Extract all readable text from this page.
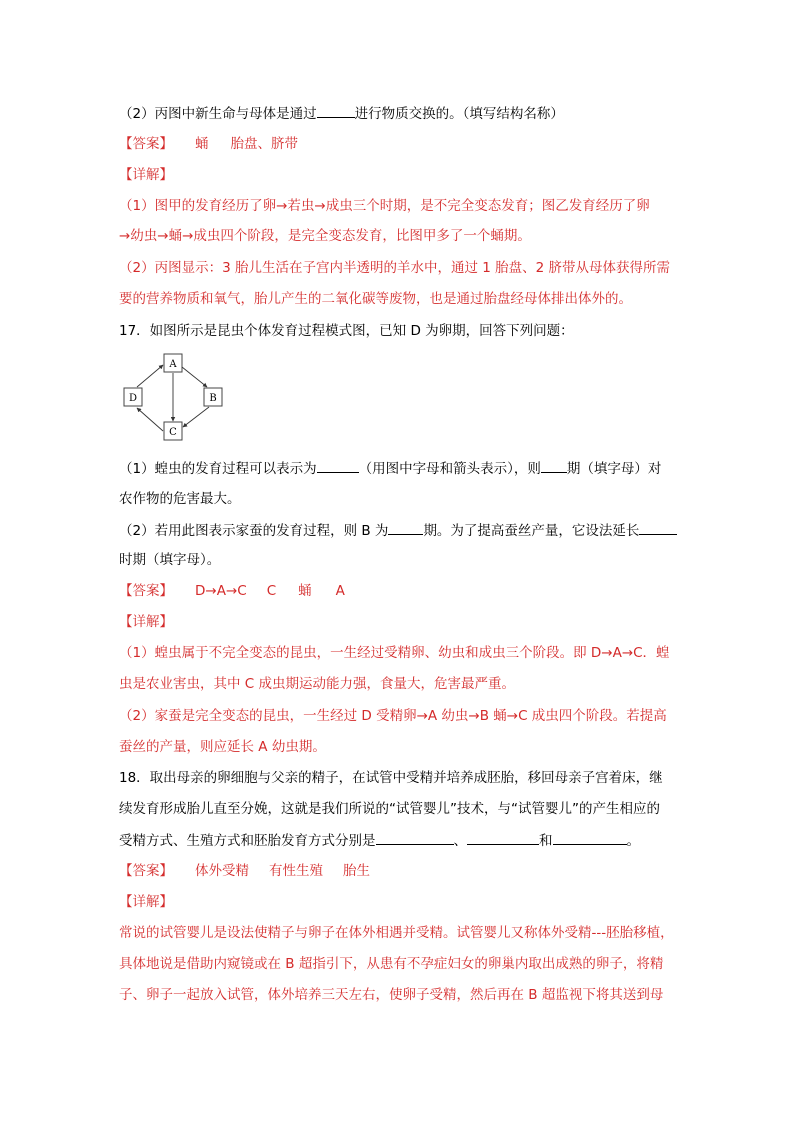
（2）丙图中新生命与母体是通过	进行物质交换的。（填写结构名称）
【答案】 蛹 胎盘、脐带
【详解】
（1）图甲的发育经历了卵→若虫→成虫三个时期，是不完全变态发育；图乙发育经历了卵
→幼虫→蛹→成虫四个阶段，是完全变态发育，比图甲多了一个蛹期。
（2）丙图显示：3 胎儿生活在子宫内半透明的羊水中，通过 1 胎盘、2 脐带从母体获得所需
要的营养物质和氧气，胎儿产生的二氧化碳等废物，也是通过胎盘经母体排出体外的。
17．如图所示是昆虫个体发育过程模式图，已知 D 为卵期，回答下列问题：
A
B
C
D
（1）蝗虫的发育过程可以表示为	（用图中字母和箭头表示），则 期（填字母）对
农作物的危害最大。
（2）若用此图表示家蚕的发育过程，则 B 为	期。为了提高蚕丝产量，它设法延长
时期（填字母）。
【答案】 D→A→C C 蛹 A
【详解】
（1）蝗虫属于不完全变态的昆虫，一生经过受精卵、幼虫和成虫三个阶段。即 D→A→C．蝗
虫是农业害虫，其中 C 成虫期运动能力强，食量大，危害最严重。
（2）家蚕是完全变态的昆虫，一生经过 D 受精卵→A 幼虫→B 蛹→C 成虫四个阶段。若提高
蚕丝的产量，则应延长 A 幼虫期。
18．取出母亲的卵细胞与父亲的精子，在试管中受精并培养成胚胎，移回母亲子宫着床，继
续发育形成胎儿直至分娩，这就是我们所说的“试管婴儿”技术，与“试管婴儿”的产生相应的
受精方式、生殖方式和胚胎发育方式分别是	、	和	。
【答案】 体外受精 有性生殖 胎生
【详解】
常说的试管婴儿是设法使精子与卵子在体外相遇并受精。试管婴儿又称体外受精---胚胎移植，
具体地说是借助内窥镜或在 B 超指引下，从患有不孕症妇女的卵巢内取出成熟的卵子，将精
子、卵子一起放入试管，体外培养三天左右，使卵子受精，然后再在 B 超监视下将其送到母
